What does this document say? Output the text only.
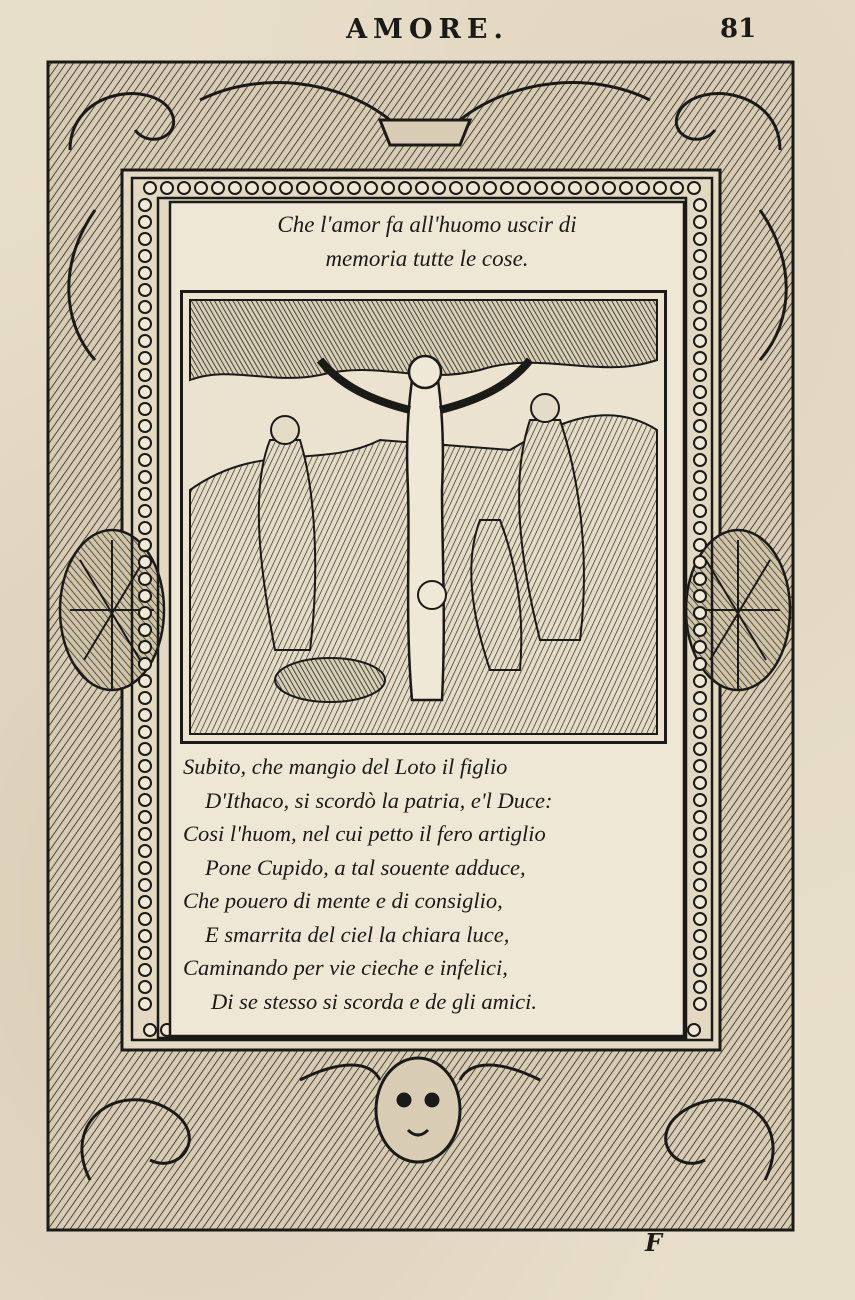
AMORE.	81
Che l'amor fa all'huomo uscir di
memoria tutte le cose.
Subito, che mangio del Loto il figlio
D'Ithaco, si scordò la patria, e'l Duce:
Cosi l'huom, nel cui petto il fero artiglio
Pone Cupido, a tal souente adduce,
Che pouero di mente e di consiglio,
E smarrita del ciel la chiara luce,
Caminando per vie cieche e infelici,
Di se stesso si scorda e de gli amici.
F
